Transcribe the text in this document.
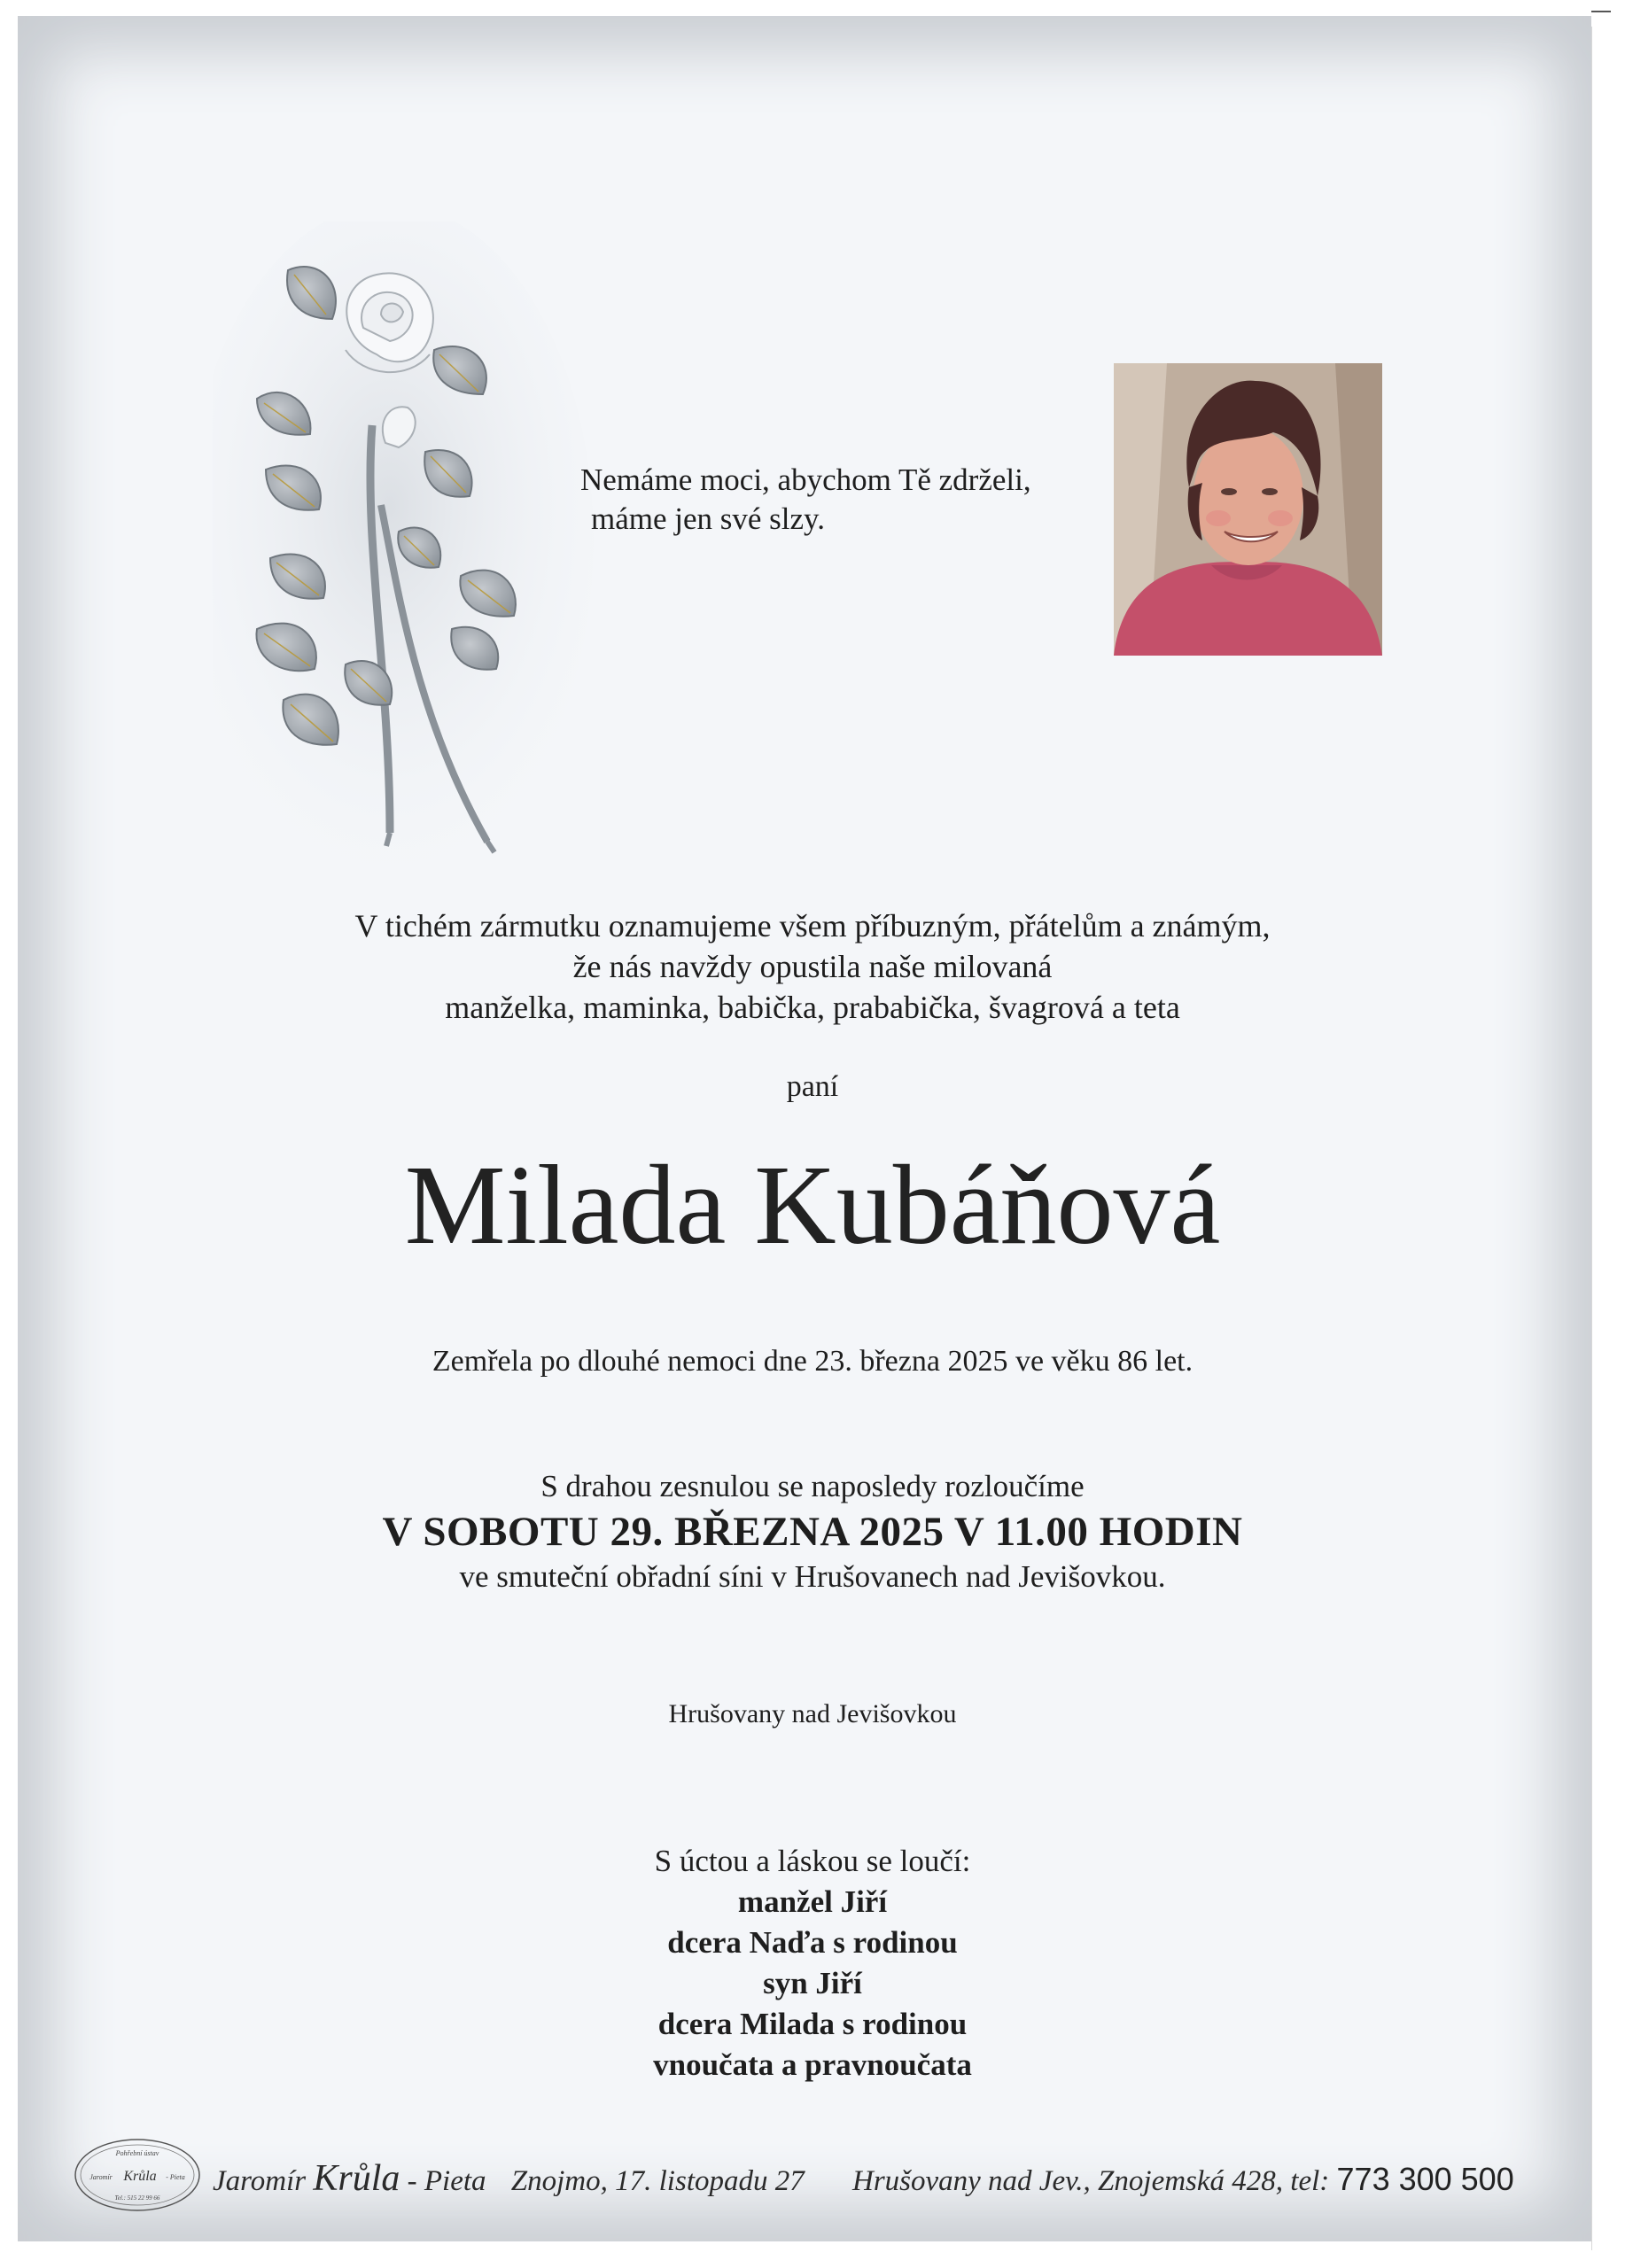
Nemáme moci, abychom Tě zdrželi,
máme jen své slzy.
V tichém zármutku oznamujeme všem příbuzným, přátelům a známým,
že nás navždy opustila naše milovaná
manželka, maminka, babička, prababička, švagrová a teta
paní
Milada Kubáňová
Zemřela po dlouhé nemoci dne 23. března 2025 ve věku 86 let.
S drahou zesnulou se naposledy rozloučíme
V SOBOTU 29. BŘEZNA 2025 V 11.00 HODIN
ve smuteční obřadní síni v Hrušovanech nad Jevišovkou.
Hrušovany nad Jevišovkou
S úctou a láskou se loučí:
manžel Jiří
dcera Naďa s rodinou
syn Jiří
dcera Milada s rodinou
vnoučata a pravnoučata
Pohřební ústav
Jaromír Krůla - Pieta
Tel.: 515 22 99 66
Jaromír Krůla - Pieta Znojmo, 17. listopadu 27 Hrušovany nad Jev., Znojemská 428, tel: 773 300 500
